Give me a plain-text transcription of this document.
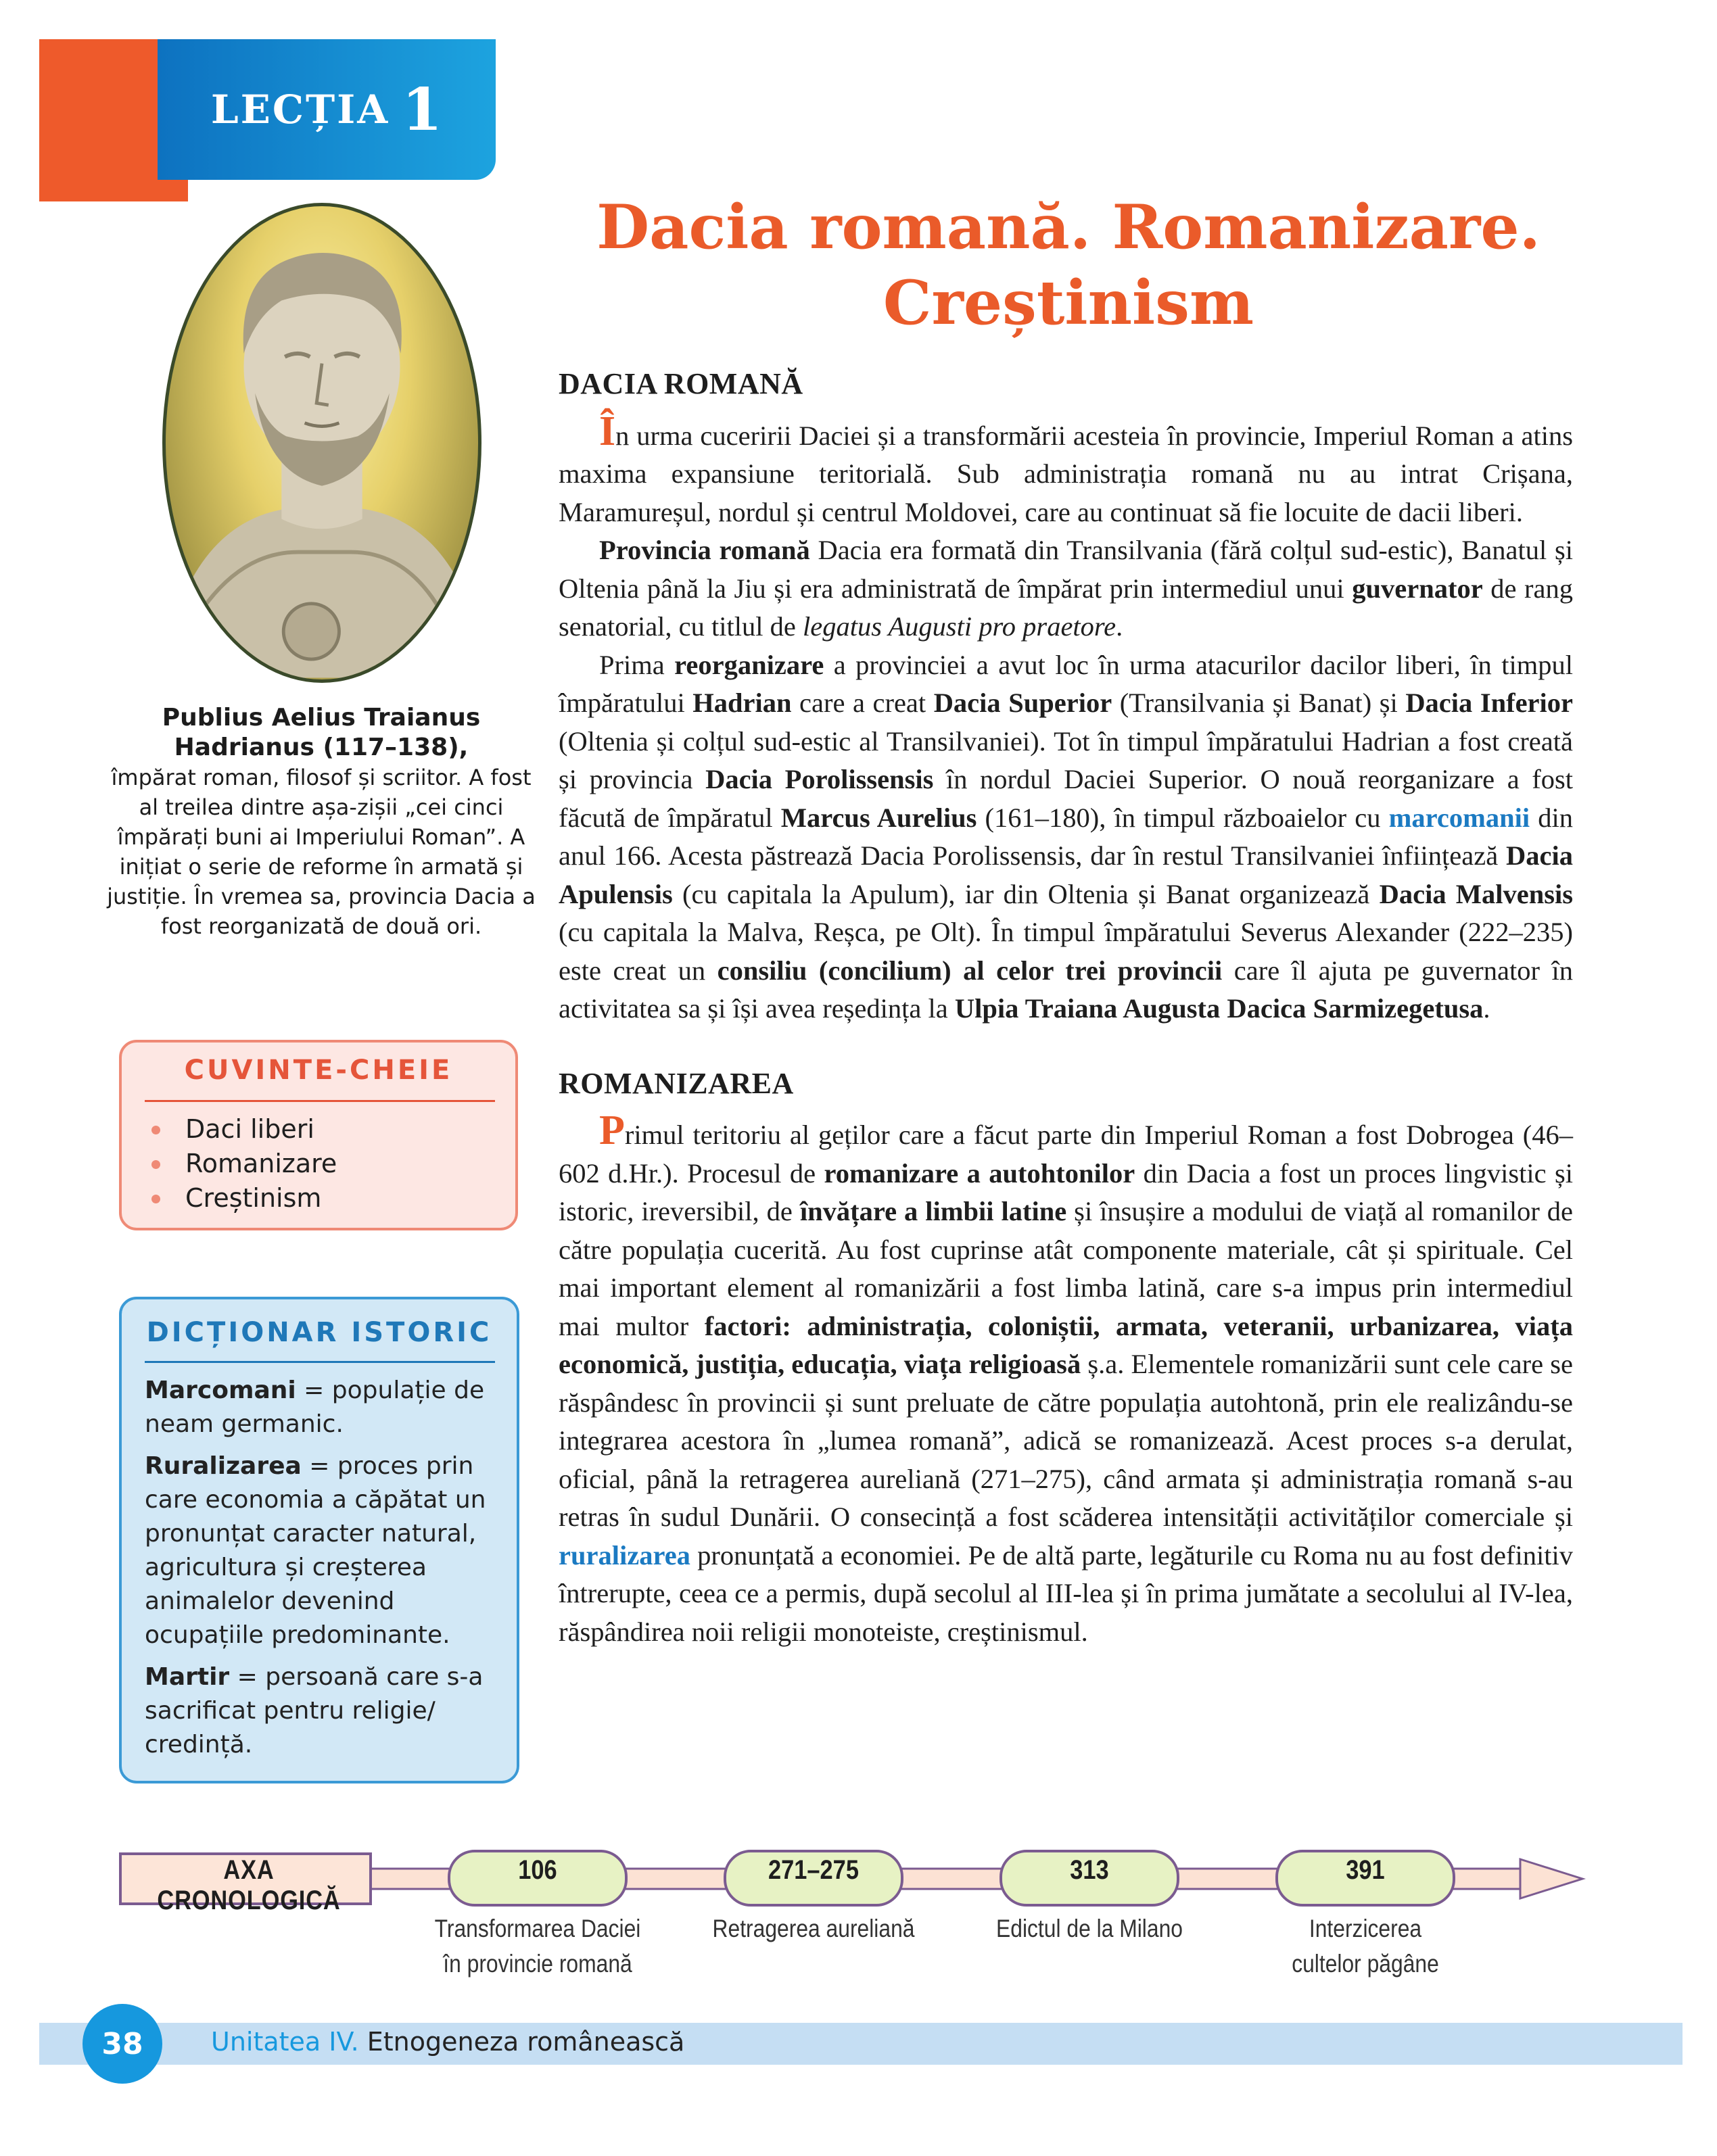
LECȚIA 1
Dacia romană. Romanizare.
Creștinism
Publius Aelius Traianus Hadrianus (117–138),
împărat roman, filosof și scriitor. A fost al treilea dintre așa-zișii „cei cinci împărați buni ai Imperiului Roman”. A inițiat o serie de reforme în armată și justiție. În vremea sa, provincia Dacia a fost reorganizată de două ori.
CUVINTE-CHEIE
Daci liberi
Romanizare
Creștinism
DICȚIONAR ISTORIC

Marcomani = populație de neam germanic.

Ruralizarea = proces prin care economia a căpătat un pronunțat caracter natural, agricultura și creșterea animalelor devenind ocupațiile predominante.

Martir = persoană care s-a sacrificat pentru religie/ credință.

DACIA ROMANĂ

În urma cuceririi Daciei și a transformării acesteia în provincie, Imperiul Roman a atins maxima expansiune teritorială. Sub administrația romană nu au intrat Crișana, Maramureșul, nordul și centrul Moldovei, care au continuat să fie locuite de dacii liberi.

Provincia romană Dacia era formată din Transilvania (fără colțul sud-estic), Banatul și Oltenia până la Jiu și era administrată de împărat prin intermediul unui guvernator de rang senatorial, cu titlul de legatus Augusti pro praetore.

Prima reorganizare a provinciei a avut loc în urma atacurilor dacilor liberi, în timpul împăratului Hadrian care a creat Dacia Superior (Transilvania și Banat) și Dacia Inferior (Oltenia și colțul sud-estic al Transilvaniei). Tot în timpul împăratului Hadrian a fost creată și provincia Dacia Porolissensis în nordul Daciei Superior. O nouă reorganizare a fost făcută de împăratul Marcus Aurelius (161–180), în timpul războaielor cu marcomanii din anul 166. Acesta păstrează Dacia Porolissensis, dar în restul Transilvaniei înființează Dacia Apulensis (cu capitala la Apulum), iar din Oltenia și Banat organizează Dacia Malvensis (cu capitala la Malva, Reșca, pe Olt). În timpul împăratului Severus Alexander (222–235) este creat un consiliu (concilium) al celor trei provincii care îl ajuta pe guvernator în activitatea sa și își avea reședința la Ulpia Traiana Augusta Dacica Sarmizegetusa.

ROMANIZAREA

Primul teritoriu al geților care a făcut parte din Imperiul Roman a fost Dobrogea (46–602 d.Hr.). Procesul de romanizare a autohtonilor din Dacia a fost un proces lingvistic și istoric, ireversibil, de învățare a limbii latine și însușire a modului de viață al romanilor de către populația cucerită. Au fost cuprinse atât componente materiale, cât și spirituale. Cel mai important element al romanizării a fost limba latină, care s-a impus prin intermediul mai multor factori: administrația, coloniștii, armata, veteranii, urbanizarea, viața economică, justiția, educația, viața religioasă ș.a. Elementele romanizării sunt cele care se răspândesc în provincii și sunt preluate de către populația autohtonă, prin ele realizându-se integrarea acestora în „lumea romană”, adică se romanizează. Acest proces s-a derulat, oficial, până la retragerea aureliană (271–275), când armata și administrația romană s-au retras în sudul Dunării. O consecință a fost scăderea intensității activităților comerciale și ruralizarea pronunțată a economiei. Pe de altă parte, legăturile cu Roma nu au fost definitiv întrerupte, ceea ce a permis, după secolul al III-lea și în prima jumătate a secolului al IV-lea, răspândirea noii religii monoteiste, creștinismul.

AXA CRONOLOGICĂ
106	271–275	313	391
Transformarea Daciei
în provincie romană
Retragerea aureliană	Edictul de la Milano	Interzicerea
cultelor păgâne
38	Unitatea IV. Etnogeneza românească
